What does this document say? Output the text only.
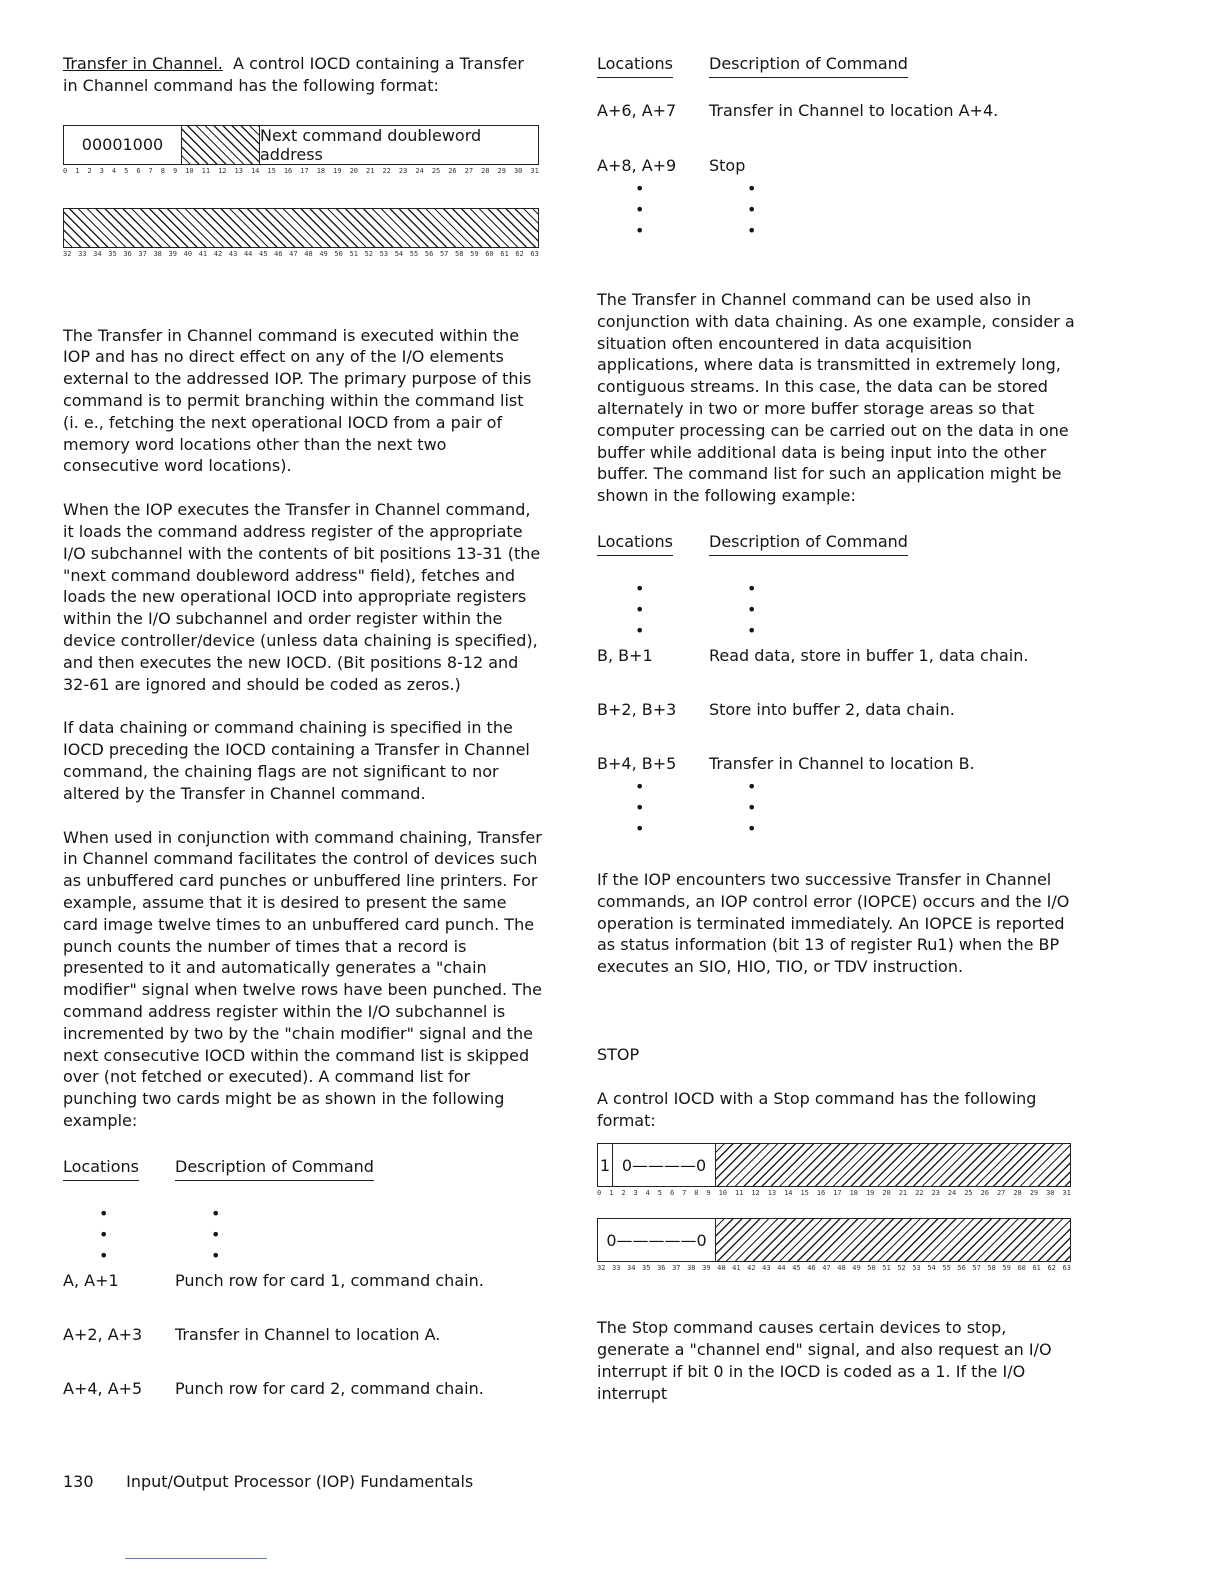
Transfer in Channel. A control IOCD containing a Transfer in Channel command has the following format:

00001000	Next command doubleword address
0 1 2 3 4 5 6 7 8 9 10 11 12 13 14 15 16 17 18 19 20 21 22 23 24 25 26 27 28 29 30 31
32 33 34 35 36 37 38 39 40 41 42 43 44 45 46 47 48 49 50 51 52 53 54 55 56 57 58 59 60 61 62 63

The Transfer in Channel command is executed within the IOP and has no direct effect on any of the I/O elements external to the addressed IOP. The primary purpose of this command is to permit branching within the command list (i. e., fetching the next operational IOCD from a pair of memory word locations other than the next two consecutive word locations).

When the IOP executes the Transfer in Channel command, it loads the command address register of the appropriate I/O subchannel with the contents of bit positions 13-31 (the "next command doubleword address" field), fetches and loads the new operational IOCD into appropriate registers within the I/O subchannel and order register within the device controller/device (unless data chaining is specified), and then executes the new IOCD. (Bit positions 8-12 and 32-61 are ignored and should be coded as zeros.)

If data chaining or command chaining is specified in the IOCD preceding the IOCD containing a Transfer in Channel command, the chaining flags are not significant to nor altered by the Transfer in Channel command.

When used in conjunction with command chaining, Transfer in Channel command facilitates the control of devices such as unbuffered card punches or unbuffered line printers. For example, assume that it is desired to present the same card image twelve times to an unbuffered card punch. The punch counts the number of times that a record is presented to it and automatically generates a "chain modifier" signal when twelve rows have been punched. The command address register within the I/O subchannel is incremented by two by the "chain modifier" signal and the next consecutive IOCD within the command list is skipped over (not fetched or executed). A command list for punching two cards might be as shown in the following example:

Locations	Description of Command
•	•
•	•
•	•
A, A+1	Punch row for card 1, command chain.
A+2, A+3	Transfer in Channel to location A.
A+4, A+5	Punch row for card 2, command chain.
Locations	Description of Command
A+6, A+7	Transfer in Channel to location A+4.
A+8, A+9	Stop
•	•
•	•
•	•

The Transfer in Channel command can be used also in conjunction with data chaining. As one example, consider a situation often encountered in data acquisition applications, where data is transmitted in extremely long, contiguous streams. In this case, the data can be stored alternately in two or more buffer storage areas so that computer processing can be carried out on the data in one buffer while additional data is being input into the other buffer. The command list for such an application might be shown in the following example:

Locations	Description of Command
•	•
•	•
•	•
B, B+1	Read data, store in buffer 1, data chain.
B+2, B+3	Store into buffer 2, data chain.
B+4, B+5	Transfer in Channel to location B.
•	•
•	•
•	•

If the IOP encounters two successive Transfer in Channel commands, an IOP control error (IOPCE) occurs and the I/O operation is terminated immediately. An IOPCE is reported as status information (bit 13 of register Ru1) when the BP executes an SIO, HIO, TIO, or TDV instruction.

STOP

A control IOCD with a Stop command has the following format:

1 0————0
0 1 2 3 4 5 6 7 8 9 10 11 12 13 14 15 16 17 18 19 20 21 22 23 24 25 26 27 28 29 30 31
0—————0
32 33 34 35 36 37 38 39 40 41 42 43 44 45 46 47 48 49 50 51 52 53 54 55 56 57 58 59 60 61 62 63

The Stop command causes certain devices to stop, generate a "channel end" signal, and also request an I/O interrupt if bit 0 in the IOCD is coded as a 1. If the I/O interrupt

130 Input/Output Processor (IOP) Fundamentals
